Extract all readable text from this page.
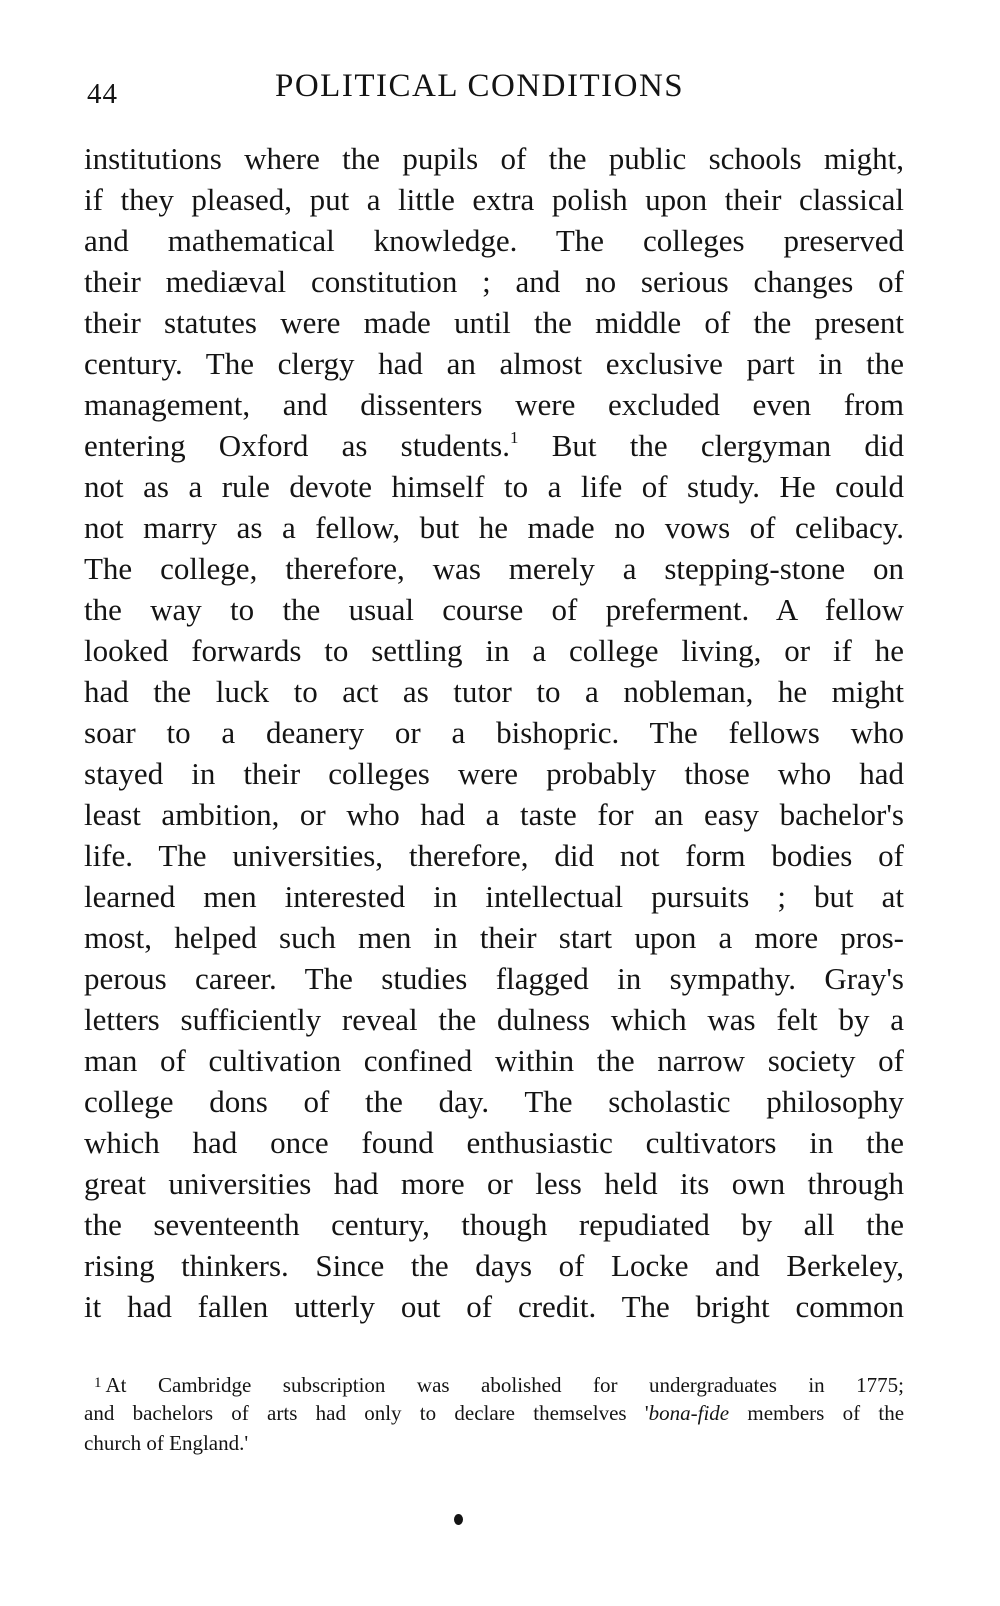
44	POLITICAL CONDITIONS
institutions where the pupils of the public schools might,
if they pleased, put a little extra polish upon their classical
and mathematical knowledge. The colleges preserved
their mediæval constitution ; and no serious changes of
their statutes were made until the middle of the present
century. The clergy had an almost exclusive part in the
management, and dissenters were excluded even from
entering Oxford as students.$^1$ But the clergyman did
not as a rule devote himself to a life of study. He could
not marry as a fellow, but he made no vows of celibacy.
The college, therefore, was merely a stepping-stone on
the way to the usual course of preferment. A fellow
looked forwards to settling in a college living, or if he
had the luck to act as tutor to a nobleman, he might
soar to a deanery or a bishopric. The fellows who
stayed in their colleges were probably those who had
least ambition, or who had a taste for an easy bachelor's
life. The universities, therefore, did not form bodies of
learned men interested in intellectual pursuits ; but at
most, helped such men in their start upon a more pros-
perous career. The studies flagged in sympathy. Gray's
letters sufficiently reveal the dulness which was felt by a
man of cultivation confined within the narrow society of
college dons of the day. The scholastic philosophy
which had once found enthusiastic cultivators in the
great universities had more or less held its own through
the seventeenth century, though repudiated by all the
rising thinkers. Since the days of Locke and Berkeley,
it had fallen utterly out of credit. The bright common
$^1$ At Cambridge subscription was abolished for undergraduates in 1775;
and bachelors of arts had only to declare themselves 'bona-fide members of the
church of England.'
